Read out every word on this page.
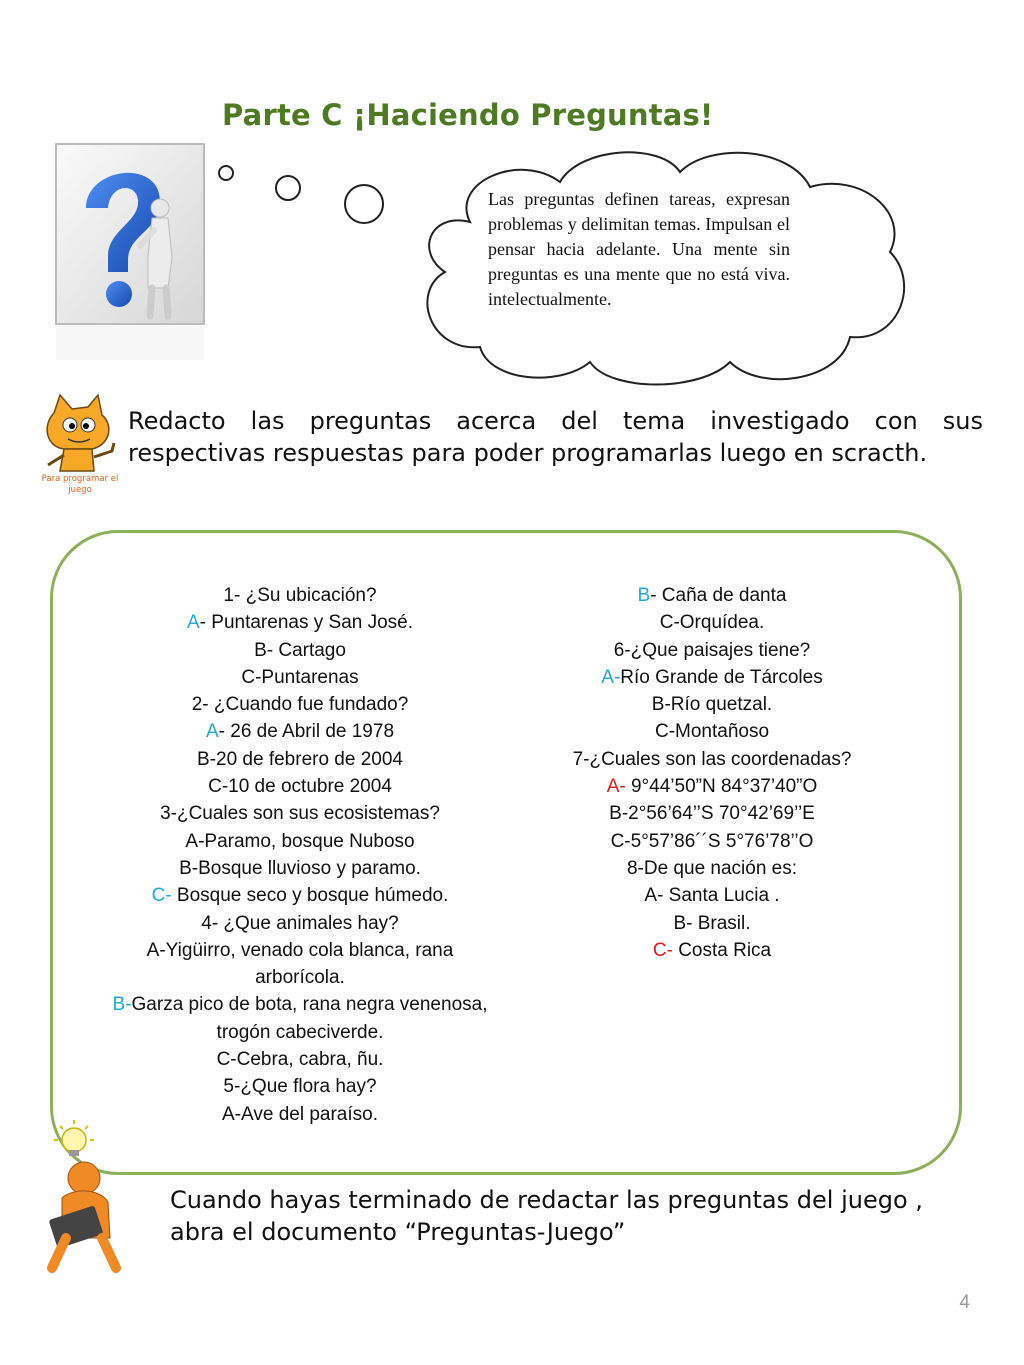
Parte C ¡Haciendo Preguntas!
Las preguntas definen tareas, expresan problemas y delimitan temas. Impulsan el pensar hacia adelante. Una mente sin preguntas es una mente que no está viva. intelectualmente.
Para programar el juego
Redacto las preguntas acerca del tema investigado con sus respectivas respuestas para poder programarlas luego en scracth.
1- ¿Su ubicación?
A- Puntarenas y San José.
B- Cartago
C-Puntarenas
2- ¿Cuando fue fundado?
A- 26 de Abril de 1978
B-20 de febrero de 2004
C-10 de octubre 2004
3-¿Cuales son sus ecosistemas?
A-Paramo, bosque Nuboso
B-Bosque lluvioso y paramo.
C- Bosque seco y bosque húmedo.
4- ¿Que animales hay?
A-Yigüirro, venado cola blanca, rana
arborícola.
B-Garza pico de bota, rana negra venenosa,
trogón cabeciverde.
C-Cebra, cabra, ñu.
5-¿Que flora hay?
A-Ave del paraíso.
B- Caña de danta
C-Orquídea.
6-¿Que paisajes tiene?
A-Río Grande de Tárcoles
B-Río quetzal.
C-Montañoso
7-¿Cuales son las coordenadas?
A- 9°44’50”N 84°37’40”O
B-2°56’64’’S 70°42’69’’E
C-5°57’86´´S 5°76’78’’O
8-De que nación es:
A- Santa Lucia .
B- Brasil.
C- Costa Rica
Cuando hayas terminado de redactar las preguntas del juego , abra el documento “Preguntas-Juego”
4
